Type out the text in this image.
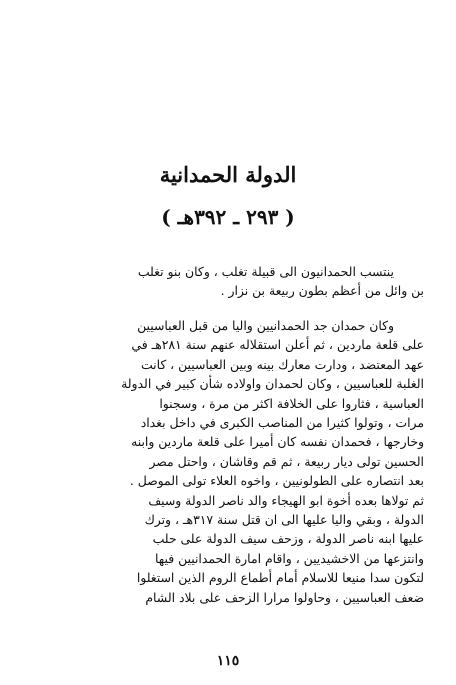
الدولة الحمدانية
( ٢٩٣ ـ ٣٩٢هـ )
ينتسب الحمدانيون الى قبيلة تغلب ، وكان بنو تغلب
بن وائل من أعظم بطون ربيعة بن نزار .
وكان حمدان جد الحمدانيين واليا من قبل العباسيين
على قلعة ماردين ، ثم أعلن استقلاله عنهم سنة ٢٨١هـ في
عهد المعتضد ، ودارت معارك بينه وبين العباسيين ، كانت
الغلبة للعباسيين ، وكان لحمدان واولاده شأن كبير في الدولة
العباسية ، فثاروا على الخلافة اكثر من مرة ، وسجنوا
مرات ، وتولوا كثيرا من المناصب الكبرى في داخل بغداد
وخارجها ، فحمدان نفسه كان أميرا على قلعة ماردين وابنه
الحسين تولى ديار ربيعة ، ثم قم وقاشان ، واحتل مصر
بعد انتصاره على الطولونيين ، واخوه العلاء تولى الموصل .
ثم تولاها بعده أخوة ابو الهيجاء والد ناصر الدولة وسيف
الدولة ، وبقي واليا عليها الى ان قتل سنة ٣١٧هـ ، وترك
عليها ابنه ناصر الدولة ، وزحف سيف الدولة على حلب
وانتزعها من الاخشيديين ، واقام امارة الحمدانيين فيها
لتكون سدا منيعا للاسلام أمام أطماع الروم الذين استغلوا
ضعف العباسيين ، وحاولوا مرارا الزحف على بلاد الشام
١١٥
